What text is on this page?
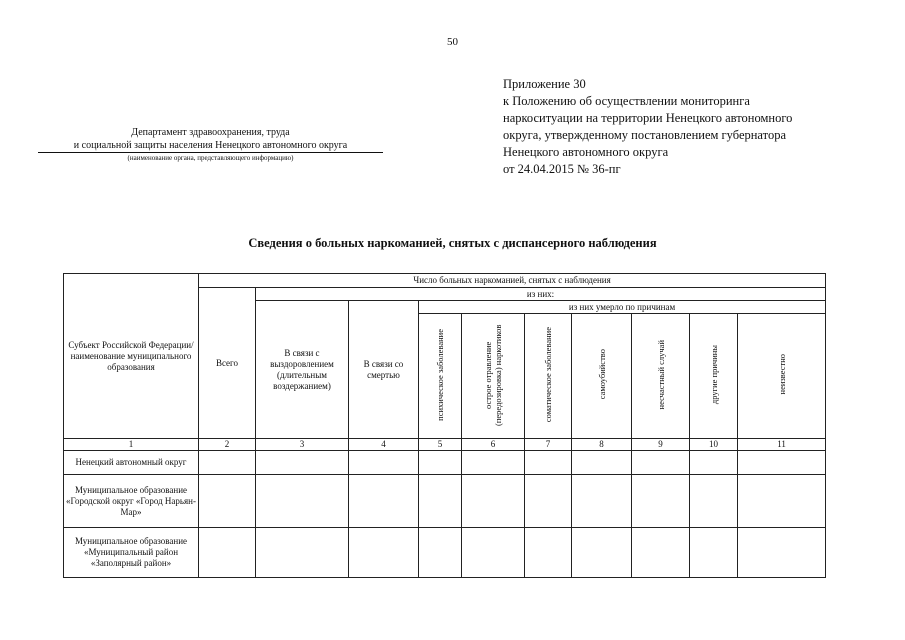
50
Приложение 30
к Положению об осуществлении мониторинга
наркоситуации на территории Ненецкого автономного
округа, утвержденному постановлением губернатора
Ненецкого автономного округа
от 24.04.2015 № 36-пг
Департамент здравоохранения, труда
и социальной защиты населения Ненецкого автономного округа
(наименование органа, представляющего информацию)
Сведения о больных наркоманией, снятых с диспансерного наблюдения
Субъект Российской Федерации/ наименование муниципального образования	Число больных наркоманией, снятых с наблюдения									
	Всего	из них:								
		В связи с выздоровлением (длительным воздержанием)	В связи со смертью	из них умерло по причинам						
				психическое заболевание	острое отравление (передозировка) наркотиков	соматическое заболевание	самоубийство	несчастный случай	другие причины	неизвестно
1	2	3	4	5	6	7	8	9	10	11
Ненецкий автономный округ										
Муниципальное образование «Городской округ «Город Нарьян-Мар»										
Муниципальное образование «Муниципальный район «Заполярный район»										
